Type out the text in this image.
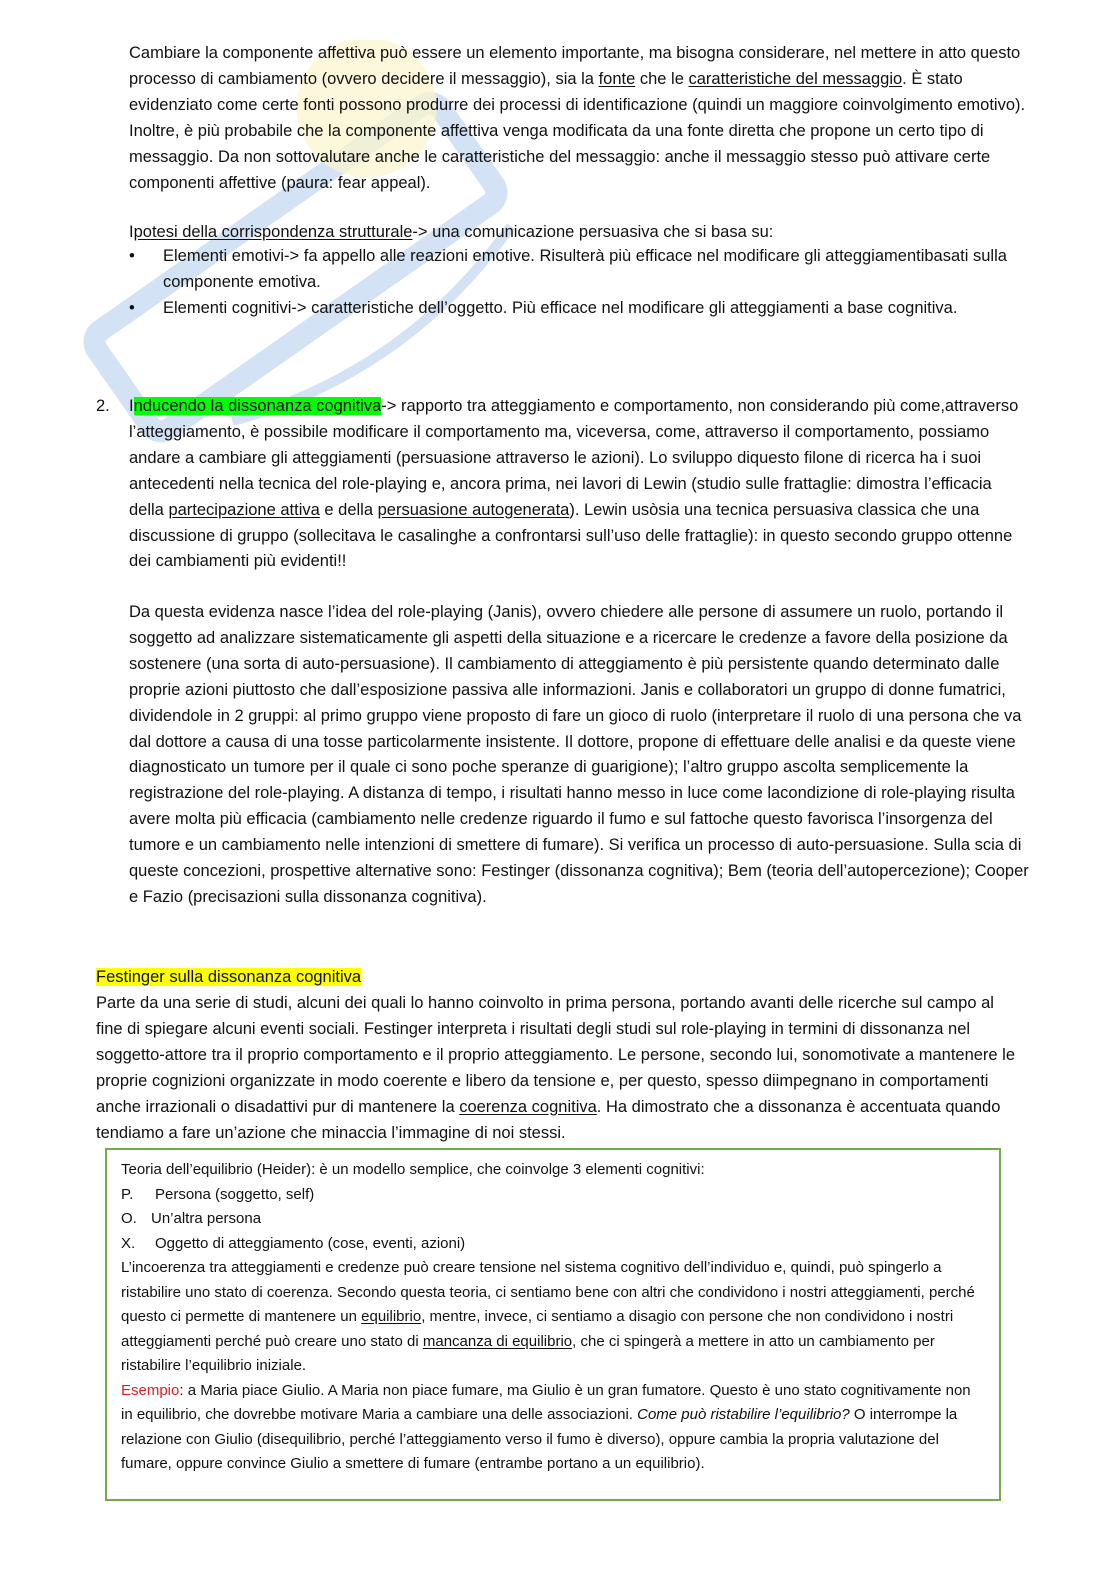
Cambiare la componente affettiva può essere un elemento importante, ma bisogna considerare, nel mettere in atto questo processo di cambiamento (ovvero decidere il messaggio), sia la fonte che le caratteristiche del messaggio. È stato evidenziato come certe fonti possono produrre dei processi di identificazione (quindi un maggiore coinvolgimento emotivo). Inoltre, è più probabile che la componente affettiva venga modificata da una fonte diretta che propone un certo tipo di messaggio. Da non sottovalutare anche le caratteristiche del messaggio: anche il messaggio stesso può attivare certe componenti affettive (paura: fear appeal).

Ipotesi della corrispondenza strutturale-> una comunicazione persuasiva che si basa su:

• Elementi emotivi-> fa appello alle reazioni emotive. Risulterà più efficace nel modificare gli atteggiamentibasati sulla componente emotiva.
• Elementi cognitivi-> caratteristiche dell’oggetto. Più efficace nel modificare gli atteggiamenti a base cognitiva.
2. Inducendo la dissonanza cognitiva-> rapporto tra atteggiamento e comportamento, non considerando più come,attraverso l’atteggiamento, è possibile modificare il comportamento ma, viceversa, come, attraverso il comportamento, possiamo andare a cambiare gli atteggiamenti (persuasione attraverso le azioni). Lo sviluppo diquesto filone di ricerca ha i suoi antecedenti nella tecnica del role-playing e, ancora prima, nei lavori di Lewin (studio sulle frattaglie: dimostra l’efficacia della partecipazione attiva e della persuasione autogenerata). Lewin usòsia una tecnica persuasiva classica che una discussione di gruppo (sollecitava le casalinghe a confrontarsi sull’uso delle frattaglie): in questo secondo gruppo ottenne dei cambiamenti più evidenti!!

Da questa evidenza nasce l’idea del role-playing (Janis), ovvero chiedere alle persone di assumere un ruolo, portando il soggetto ad analizzare sistematicamente gli aspetti della situazione e a ricercare le credenze a favore della posizione da sostenere (una sorta di auto-persuasione). Il cambiamento di atteggiamento è più persistente quando determinato dalle proprie azioni piuttosto che dall’esposizione passiva alle informazioni. Janis e collaboratori un gruppo di donne fumatrici, dividendole in 2 gruppi: al primo gruppo viene proposto di fare un gioco di ruolo (interpretare il ruolo di una persona che va dal dottore a causa di una tosse particolarmente insistente. Il dottore, propone di effettuare delle analisi e da queste viene diagnosticato un tumore per il quale ci sono poche speranze di guarigione); l’altro gruppo ascolta semplicemente la registrazione del role-playing. A distanza di tempo, i risultati hanno messo in luce come lacondizione di role-playing risulta avere molta più efficacia (cambiamento nelle credenze riguardo il fumo e sul fattoche questo favorisca l’insorgenza del tumore e un cambiamento nelle intenzioni di smettere di fumare). Si verifica un processo di auto-persuasione. Sulla scia di queste concezioni, prospettive alternative sono: Festinger (dissonanza cognitiva); Bem (teoria dell’autopercezione); Cooper e Fazio (precisazioni sulla dissonanza cognitiva).

Festinger sulla dissonanza cognitiva

Parte da una serie di studi, alcuni dei quali lo hanno coinvolto in prima persona, portando avanti delle ricerche sul campo al fine di spiegare alcuni eventi sociali. Festinger interpreta i risultati degli studi sul role-playing in termini di dissonanza nel soggetto-attore tra il proprio comportamento e il proprio atteggiamento. Le persone, secondo lui, sonomotivate a mantenere le proprie cognizioni organizzate in modo coerente e libero da tensione e, per questo, spesso diimpegnano in comportamenti anche irrazionali o disadattivi pur di mantenere la coerenza cognitiva. Ha dimostrato che a dissonanza è accentuata quando tendiamo a fare un’azione che minaccia l’immagine di noi stessi.

Teoria dell’equilibrio (Heider): è un modello semplice, che coinvolge 3 elementi cognitivi:

P. Persona (soggetto, self)

O. Un’altra persona

X. Oggetto di atteggiamento (cose, eventi, azioni)

L’incoerenza tra atteggiamenti e credenze può creare tensione nel sistema cognitivo dell’individuo e, quindi, può spingerlo a ristabilire uno stato di coerenza. Secondo questa teoria, ci sentiamo bene con altri che condividono i nostri atteggiamenti, perché questo ci permette di mantenere un equilibrio, mentre, invece, ci sentiamo a disagio con persone che non condividono i nostri atteggiamenti perché può creare uno stato di mancanza di equilibrio, che ci spingerà a mettere in atto un cambiamento per ristabilire l’equilibrio iniziale.

Esempio: a Maria piace Giulio. A Maria non piace fumare, ma Giulio è un gran fumatore. Questo è uno stato cognitivamente non in equilibrio, che dovrebbe motivare Maria a cambiare una delle associazioni. Come può ristabilire l’equilibrio? O interrompe la relazione con Giulio (disequilibrio, perché l’atteggiamento verso il fumo è diverso), oppure cambia la propria valutazione del fumare, oppure convince Giulio a smettere di fumare (entrambe portano a un equilibrio).
